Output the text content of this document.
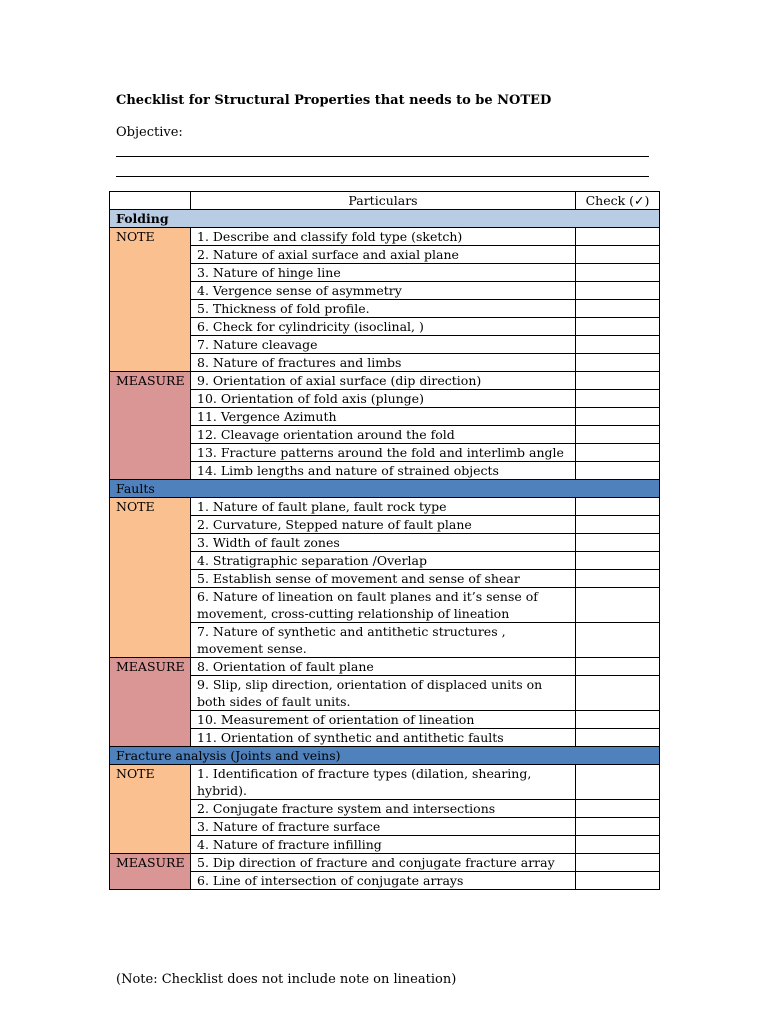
Checklist for Structural Properties that needs to be NOTED
Objective:
	Particulars	Check (✓)
Folding		
NOTE	1. Describe and classify fold type (sketch)	
	2. Nature of axial surface and axial plane	
	3. Nature of hinge line	
	4. Vergence sense of asymmetry	
	5. Thickness of fold profile.	
	6. Check for cylindricity (isoclinal, )	
	7. Nature cleavage	
	8. Nature of fractures and limbs	
MEASURE	9. Orientation of axial surface (dip direction)	
	10. Orientation of fold axis (plunge)	
	11. Vergence Azimuth	
	12. Cleavage orientation around the fold	
	13. Fracture patterns around the fold and interlimb angle	
	14. Limb lengths and nature of strained objects	
Faults		
NOTE	1. Nature of fault plane, fault rock type	
	2. Curvature, Stepped nature of fault plane	
	3. Width of fault zones	
	4. Stratigraphic separation /Overlap	
	5. Establish sense of movement and sense of shear	
	6. Nature of lineation on fault planes and it’s sense of movement, cross-cutting relationship of lineation	
	7. Nature of synthetic and antithetic structures , movement sense.	
MEASURE	8. Orientation of fault plane	
	9. Slip, slip direction, orientation of displaced units on both sides of fault units.	
	10. Measurement of orientation of lineation	
	11. Orientation of synthetic and antithetic faults	
Fracture analysis (Joints and veins)		
NOTE	1. Identification of fracture types (dilation, shearing, hybrid).	
	2. Conjugate fracture system and intersections	
	3. Nature of fracture surface	
	4. Nature of fracture infilling	
MEASURE	5. Dip direction of fracture and conjugate fracture array	
	6. Line of intersection of conjugate arrays	
(Note: Checklist does not include note on lineation)
